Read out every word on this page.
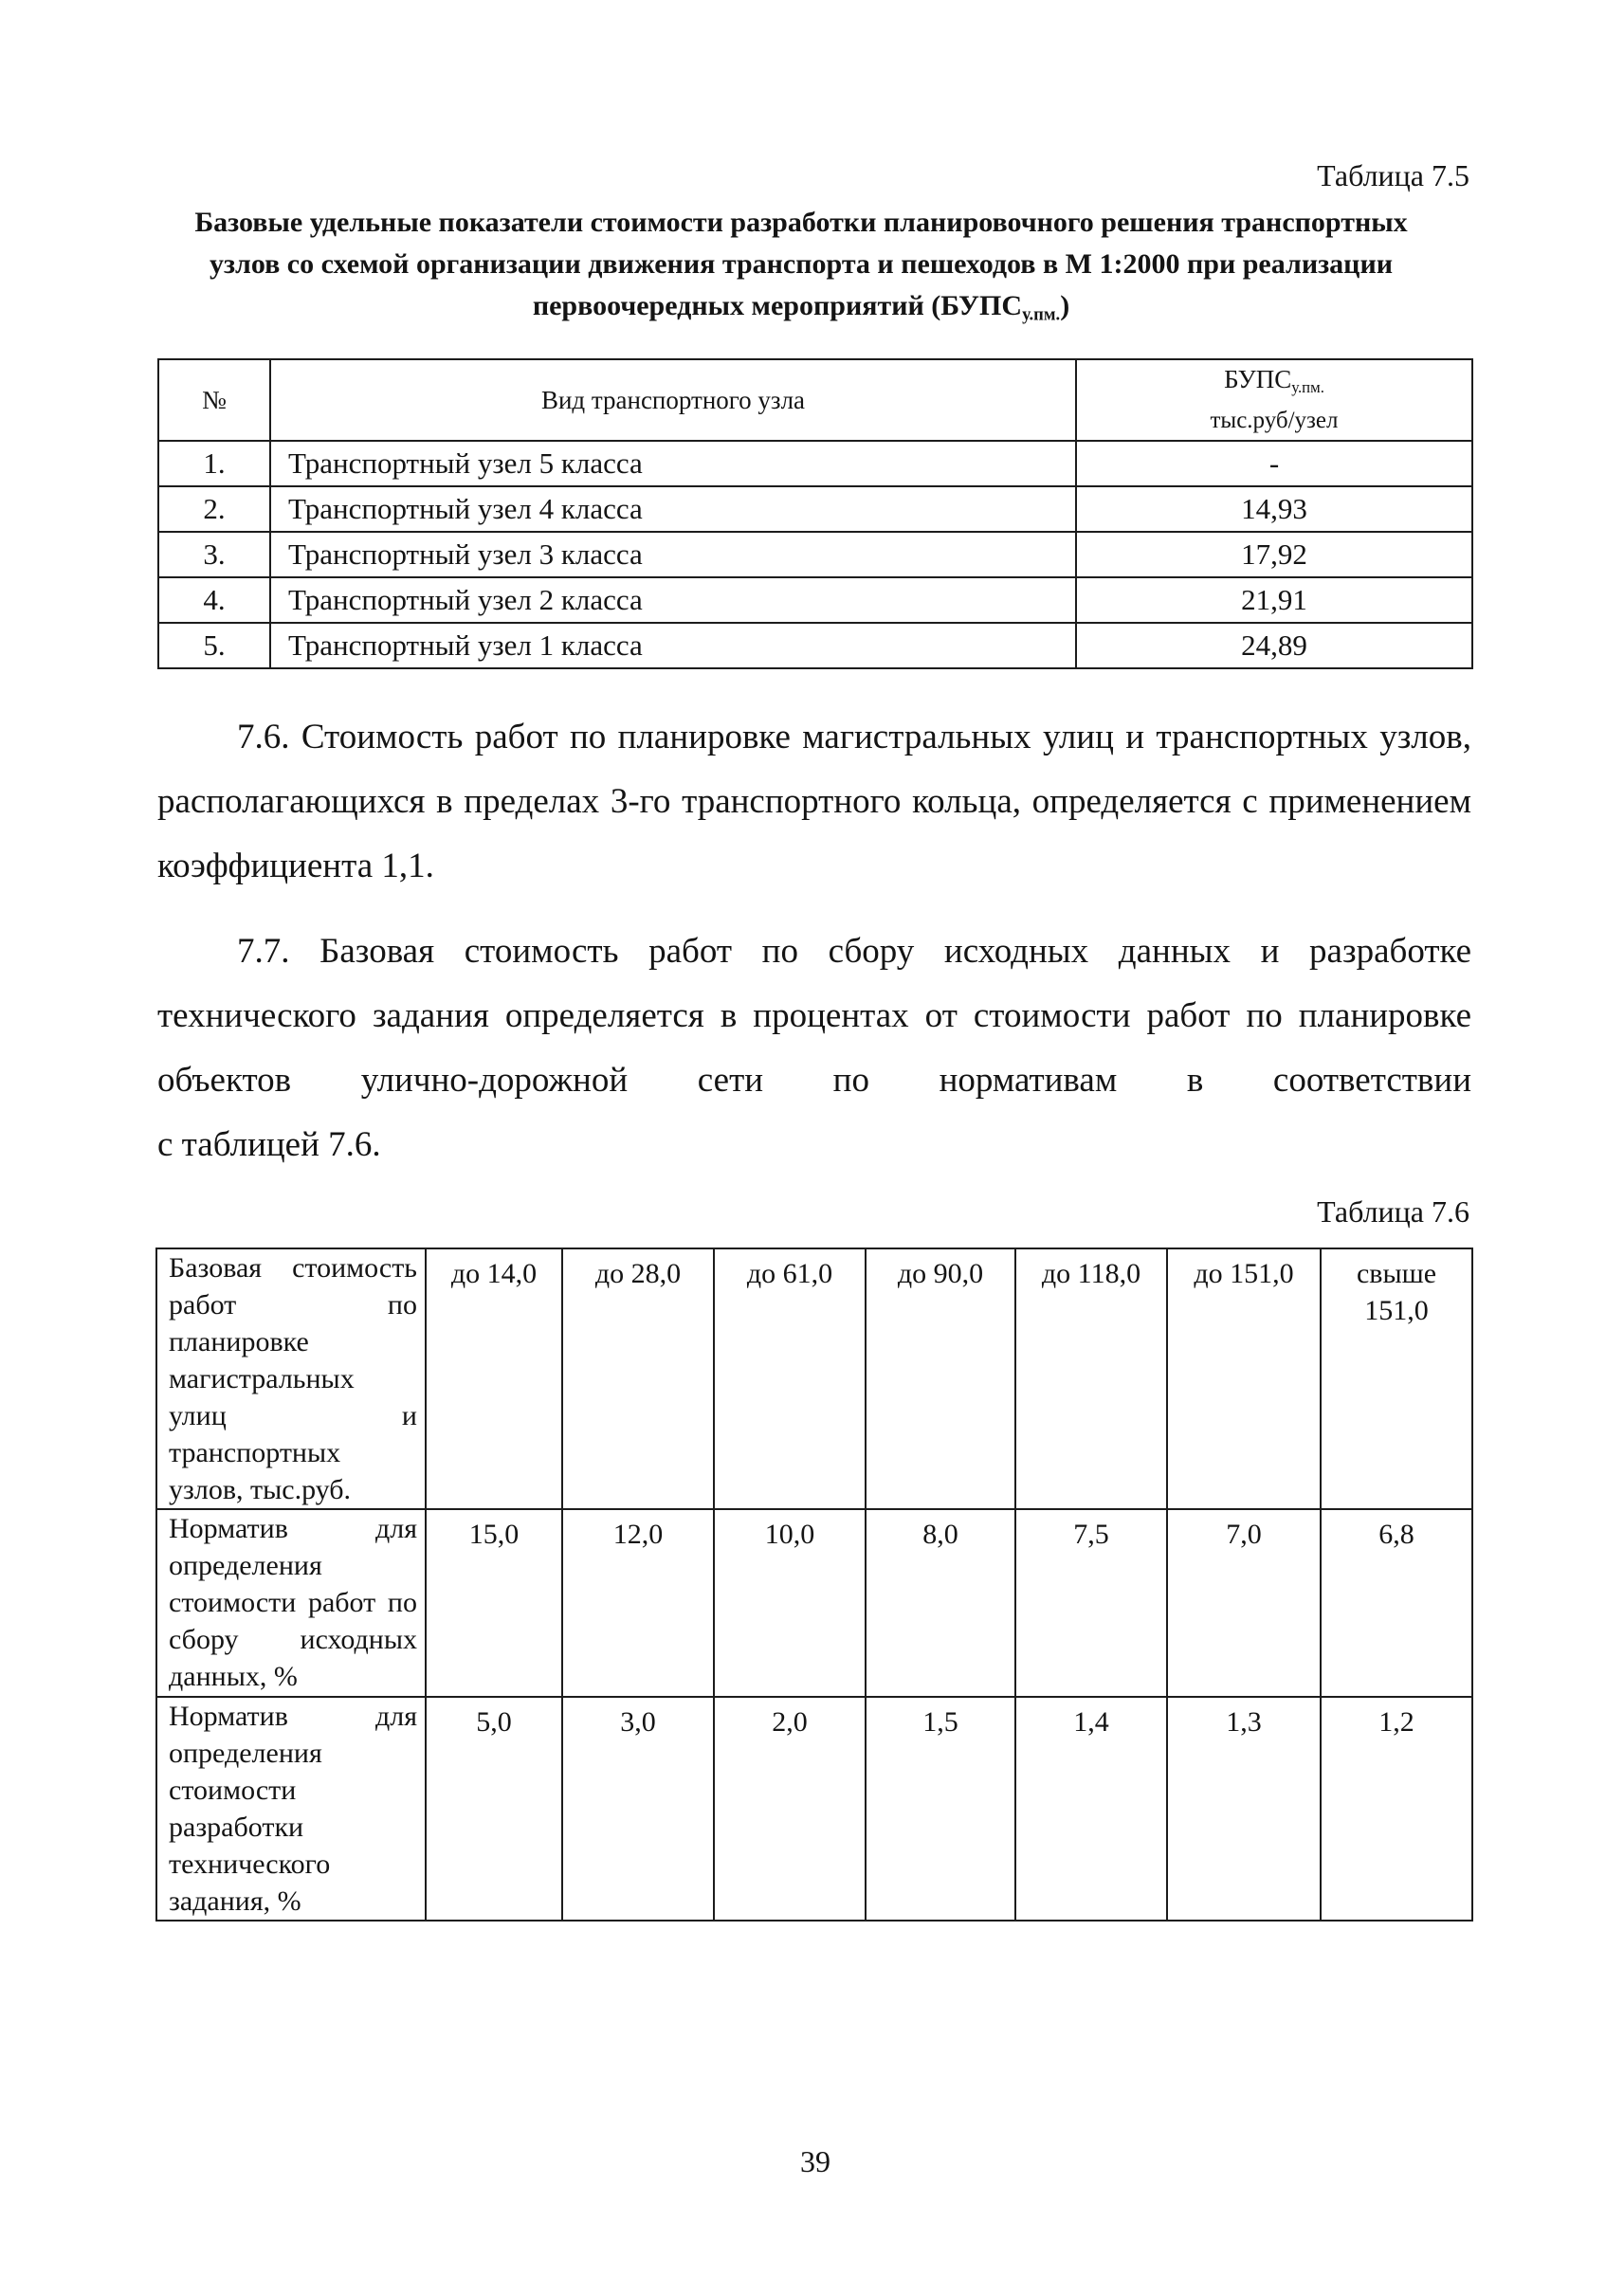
Таблица 7.5
Базовые удельные показатели стоимости разработки планировочного решения транспортных узлов со схемой организации движения транспорта и пешеходов в М 1:2000 при реализации первоочередных мероприятий $(БУПС_{у.пм.})$
№	Вид транспортного узла	$БУПС_{у.пм.}$
тыс.руб/узел

1.	Транспортный узел 5 класса	-
2.	Транспортный узел 4 класса	14,93
3.	Транспортный узел 3 класса	17,92
4.	Транспортный узел 2 класса	21,91
5.	Транспортный узел 1 класса	24,89

7.6. Стоимость работ по планировке магистральных улиц и транспортных узлов, располагающихся в пределах 3-го транспортного кольца, определяется с применением коэффициента 1,1.

7.7. Базовая стоимость работ по сбору исходных данных и разработке технического задания определяется в процентах от стоимости работ по планировке объектов улично-дорожной сети по нормативам в соответствии

с таблицей 7.6.

Таблица 7.6
Базовая стоимость работ по планировке магистральных улиц и транспортных узлов, тыс.руб.	до 14,0	до 28,0	до 61,0	до 90,0	до 118,0	до 151,0	свыше 151,0
Норматив для определения стоимости работ по сбору исходных данных, %	15,0	12,0	10,0	8,0	7,5	7,0	6,8
Норматив для определения стоимости разработки технического задания, %	5,0	3,0	2,0	1,5	1,4	1,3	1,2
39
